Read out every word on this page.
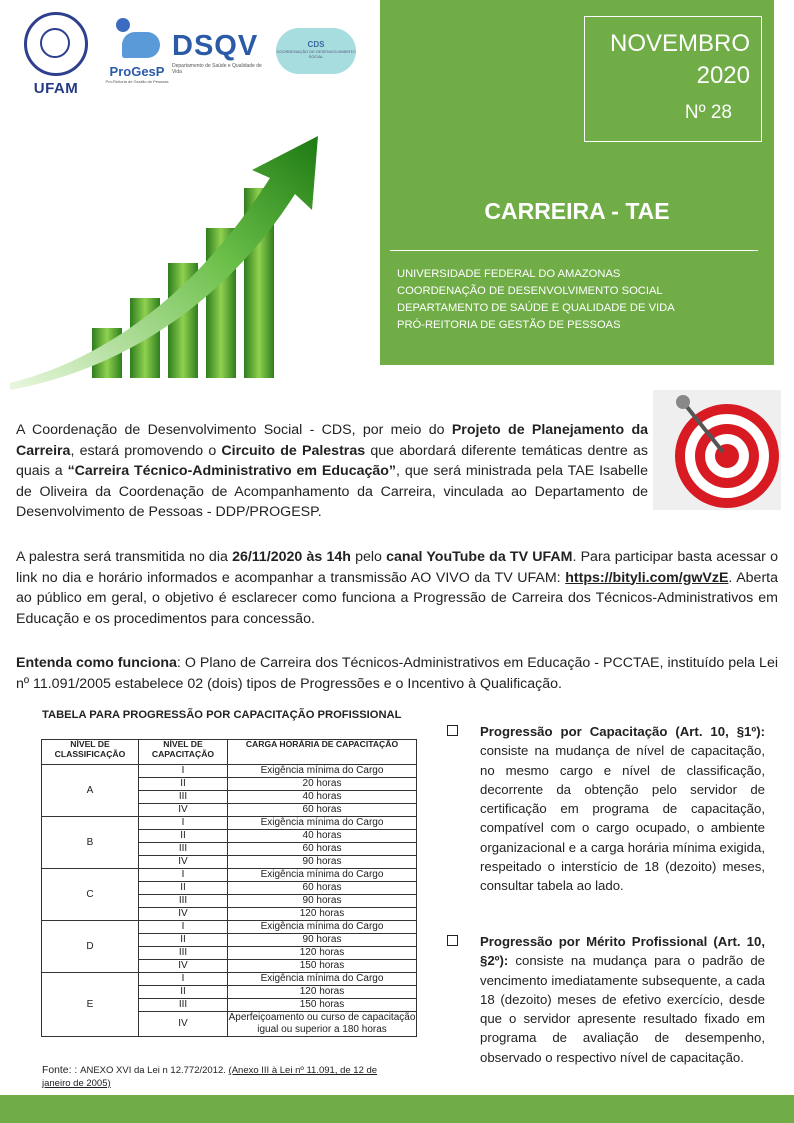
UFAM
ProGesP
Pró-Reitoria de Gestão de Pessoas
DSQV
Departamento de Saúde e Qualidade de Vida
CDS
COORDENAÇÃO DE DESENVOLVIMENTO SOCIAL	NOVEMBRO
2020
Nº 28
CARREIRA - TAE
UNIVERSIDADE FEDERAL DO AMAZONAS
COORDENAÇÃO DE DESENVOLVIMENTO SOCIAL
DEPARTAMENTO DE SAÚDE E QUALIDADE DE VIDA
PRÓ-REITORIA DE GESTÃO DE PESSOAS
A Coordenação de Desenvolvimento Social - CDS, por meio do Projeto de Planejamento da Carreira, estará promovendo o Circuito de Palestras que abordará diferente temáticas dentre as quais a “Carreira Técnico-Administrativo em Educação”, que será ministrada pela TAE Isabelle de Oliveira da Coordenação de Acompanhamento da Carreira, vinculada ao Departamento de Desenvolvimento de Pessoas - DDP/PROGESP.
A palestra será transmitida no dia 26/11/2020 às 14h pelo canal YouTube da TV UFAM. Para participar basta acessar o link no dia e horário informados e acompanhar a transmissão AO VIVO da TV UFAM: https://bityli.com/gwVzE. Aberta ao público em geral, o objetivo é esclarecer como funciona a Progressão de Carreira dos Técnicos-Administrativos em Educação e os procedimentos para concessão.
Entenda como funciona: O Plano de Carreira dos Técnicos-Administrativos em Educação - PCCTAE, instituído pela Lei nº 11.091/2005 estabelece 02 (dois) tipos de Progressões e o Incentivo à Qualificação.
TABELA PARA PROGRESSÃO POR CAPACITAÇÃO PROFISSIONAL
NÍVEL DE CLASSIFICAÇÃO	NÍVEL DE CAPACITAÇÃO	CARGA HORÁRIA DE CAPACITAÇÃO
A	I	Exigência mínima do Cargo
	II	20 horas
	III	40 horas
	IV	60 horas
B	I	Exigência mínima do Cargo
	II	40 horas
	III	60 horas
	IV	90 horas
C	I	Exigência mínima do Cargo
	II	60 horas
	III	90 horas
	IV	120 horas
D	I	Exigência mínima do Cargo
	II	90 horas
	III	120 horas
	IV	150 horas
E	I	Exigência mínima do Cargo
	II	120 horas
	III	150 horas
	IV	Aperfeiçoamento ou curso de capacitação igual ou superior a 180 horas
Fonte: : ANEXO XVI da Lei n 12.772/2012. (Anexo III à Lei nº 11.091, de 12 de janeiro de 2005)
Progressão por Capacitação (Art. 10, §1º): consiste na mudança de nível de capacitação, no mesmo cargo e nível de classificação, decorrente da obtenção pelo servidor de certificação em programa de capacitação, compatível com o cargo ocupado, o ambiente organizacional e a carga horária mínima exigida, respeitado o interstício de 18 (dezoito) meses, consultar tabela ao lado.
Progressão por Mérito Profissional (Art. 10, §2º): consiste na mudança para o padrão de vencimento imediatamente subsequente, a cada 18 (dezoito) meses de efetivo exercício, desde que o servidor apresente resultado fixado em programa de avaliação de desempenho, observado o respectivo nível de capacitação.
